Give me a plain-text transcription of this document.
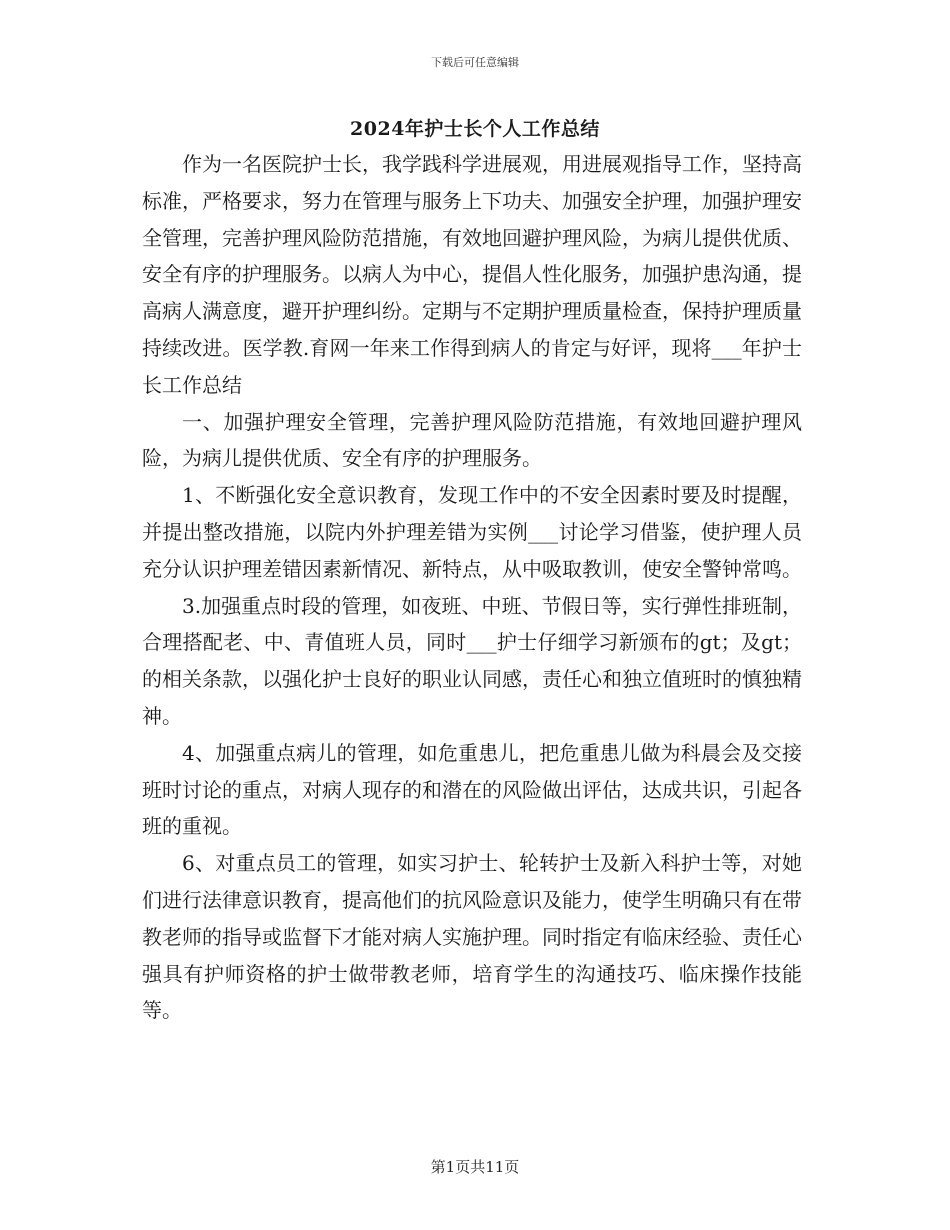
下载后可任意编辑
2024年护士长个人工作总结

作为一名医院护士长，我学践科学进展观，用进展观指导工作，坚持高标准，严格要求，努力在管理与服务上下功夫、加强安全护理，加强护理安全管理，完善护理风险防范措施，有效地回避护理风险，为病儿提供优质、安全有序的护理服务。以病人为中心，提倡人性化服务，加强护患沟通，提高病人满意度，避开护理纠纷。定期与不定期护理质量检查，保持护理质量持续改进。医学教.育网一年来工作得到病人的肯定与好评，现将___年护士长工作总结

一、加强护理安全管理，完善护理风险防范措施，有效地回避护理风险，为病儿提供优质、安全有序的护理服务。

1、不断强化安全意识教育，发现工作中的不安全因素时要及时提醒，并提出整改措施，以院内外护理差错为实例___讨论学习借鉴，使护理人员充分认识护理差错因素新情况、新特点，从中吸取教训，使安全警钟常鸣。

3.加强重点时段的管理，如夜班、中班、节假日等，实行弹性排班制，合理搭配老、中、青值班人员，同时___护士仔细学习新颁布的gt；及gt；的相关条款，以强化护士良好的职业认同感，责任心和独立值班时的慎独精神。

4、加强重点病儿的管理，如危重患儿，把危重患儿做为科晨会及交接班时讨论的重点，对病人现存的和潜在的风险做出评估，达成共识，引起各班的重视。

6、对重点员工的管理，如实习护士、轮转护士及新入科护士等，对她们进行法律意识教育，提高他们的抗风险意识及能力，使学生明确只有在带教老师的指导或监督下才能对病人实施护理。同时指定有临床经验、责任心强具有护师资格的护士做带教老师，培育学生的沟通技巧、临床操作技能等。

第1页共11页
